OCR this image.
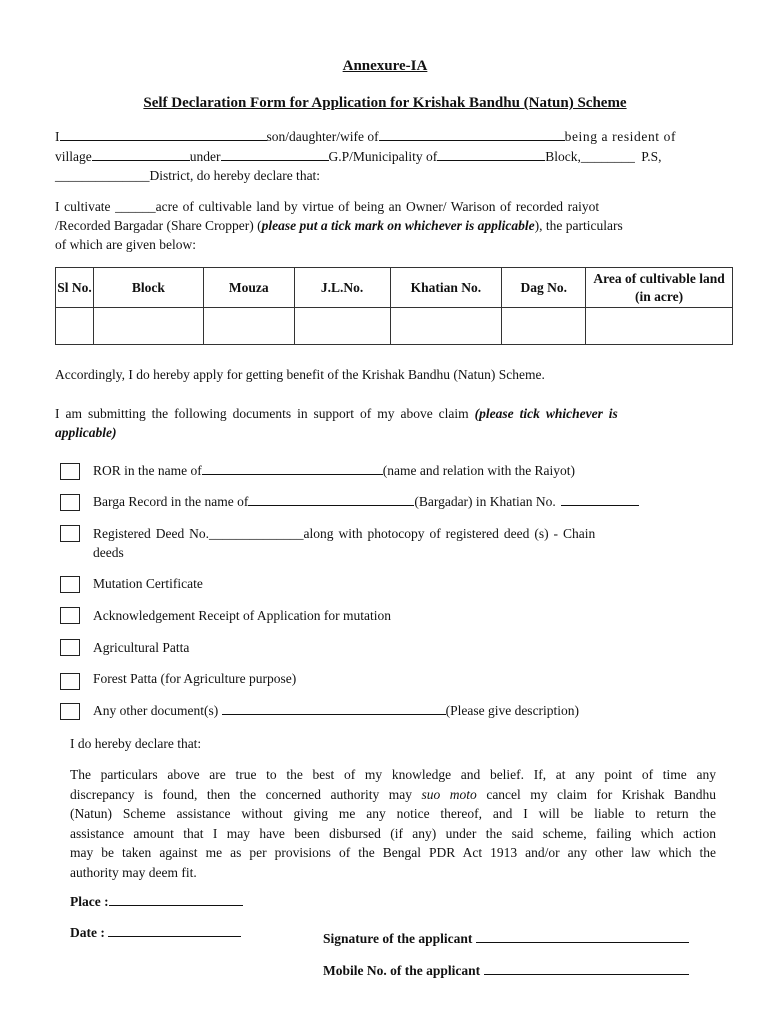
Annexure-IA
Self Declaration Form for Application for Krishak Bandhu (Natun) Scheme
I	son/daughter/wife of	being a resident of
village	under	G.P/Municipality of	Block,________ P.S,
______________District, do hereby declare that:
I cultivate ______acre of cultivable land by virtue of being an Owner/ Warison of recorded raiyot
/Recorded Bargadar (Share Cropper) (please put a tick mark on whichever is applicable), the particulars
of which are given below:
Sl No.	Block	Mouza	J.L.No.	Khatian No.	Dag No.	Area of cultivable land (in acre)

Accordingly, I do hereby apply for getting benefit of the Krishak Bandhu (Natun) Scheme.
I am submitting the following documents in support of my above claim (please tick whichever is
applicable)
ROR in the name of	(name and relation with the Raiyot)
Barga Record in the name of	(Bargadar) in Khatian No.
Registered Deed No.______________along with photocopy of registered deed (s) - Chain
deeds
Mutation Certificate
Acknowledgement Receipt of Application for mutation
Agricultural Patta
Forest Patta (for Agriculture purpose)
Any other document(s)	(Please give description)
I do hereby declare that:
The particulars above are true to the best of my knowledge and belief. If, at any point of time any
discrepancy is found, then the concerned authority may suo moto cancel my claim for Krishak Bandhu
(Natun) Scheme assistance without giving me any notice thereof, and I will be liable to return the
assistance amount that I may have been disbursed (if any) under the said scheme, failing which action
may be taken against me as per provisions of the Bengal PDR Act 1913 and/or any other law which the
authority may deem fit.
Place :
Date :	Signature of the applicant
Mobile No. of the applicant
